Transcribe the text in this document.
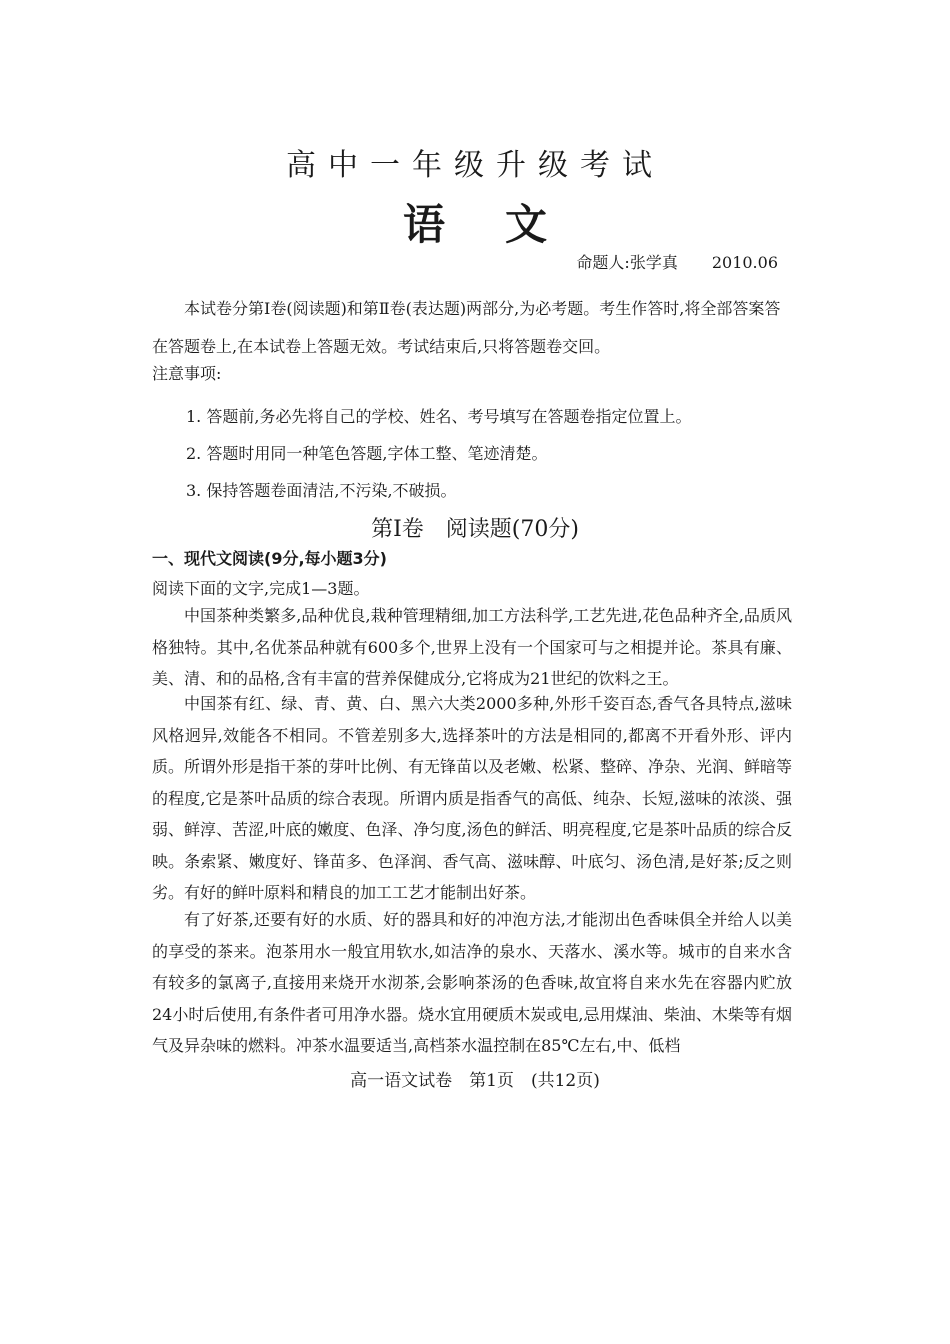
高中一年级升级考试
语文
命题人:张学真 2010.06

本试卷分第Ⅰ卷(阅读题)和第Ⅱ卷(表达题)两部分,为必考题。考生作答时,将全部答案答在答题卷上,在本试卷上答题无效。考试结束后,只将答题卷交回。

注意事项:
1. 答题前,务必先将自己的学校、姓名、考号填写在答题卷指定位置上。
2. 答题时用同一种笔色答题,字体工整、笔迹清楚。
3. 保持答题卷面清洁,不污染,不破损。
第Ⅰ卷　阅读题(70分)
一、现代文阅读(9分,每小题3分)
阅读下面的文字,完成1—3题。

中国茶种类繁多,品种优良,栽种管理精细,加工方法科学,工艺先进,花色品种齐全,品质风格独特。其中,名优茶品种就有600多个,世界上没有一个国家可与之相提并论。茶具有廉、美、清、和的品格,含有丰富的营养保健成分,它将成为21世纪的饮料之王。

中国茶有红、绿、青、黄、白、黑六大类2000多种,外形千姿百态,香气各具特点,滋味风格迥异,效能各不相同。不管差别多大,选择茶叶的方法是相同的,都离不开看外形、评内质。所谓外形是指干茶的芽叶比例、有无锋苗以及老嫩、松紧、整碎、净杂、光润、鲜暗等的程度,它是茶叶品质的综合表现。所谓内质是指香气的高低、纯杂、长短,滋味的浓淡、强弱、鲜淳、苦涩,叶底的嫩度、色泽、净匀度,汤色的鲜活、明亮程度,它是茶叶品质的综合反映。条索紧、嫩度好、锋苗多、色泽润、香气高、滋味醇、叶底匀、汤色清,是好茶;反之则劣。有好的鲜叶原料和精良的加工工艺才能制出好茶。

有了好茶,还要有好的水质、好的器具和好的冲泡方法,才能沏出色香味俱全并给人以美的享受的茶来。泡茶用水一般宜用软水,如洁净的泉水、天落水、溪水等。城市的自来水含有较多的氯离子,直接用来烧开水沏茶,会影响茶汤的色香味,故宜将自来水先在容器内贮放24小时后使用,有条件者可用净水器。烧水宜用硬质木炭或电,忌用煤油、柴油、木柴等有烟气及异杂味的燃料。冲茶水温要适当,高档茶水温控制在85℃左右,中、低档

高一语文试卷　第1页　(共12页)
